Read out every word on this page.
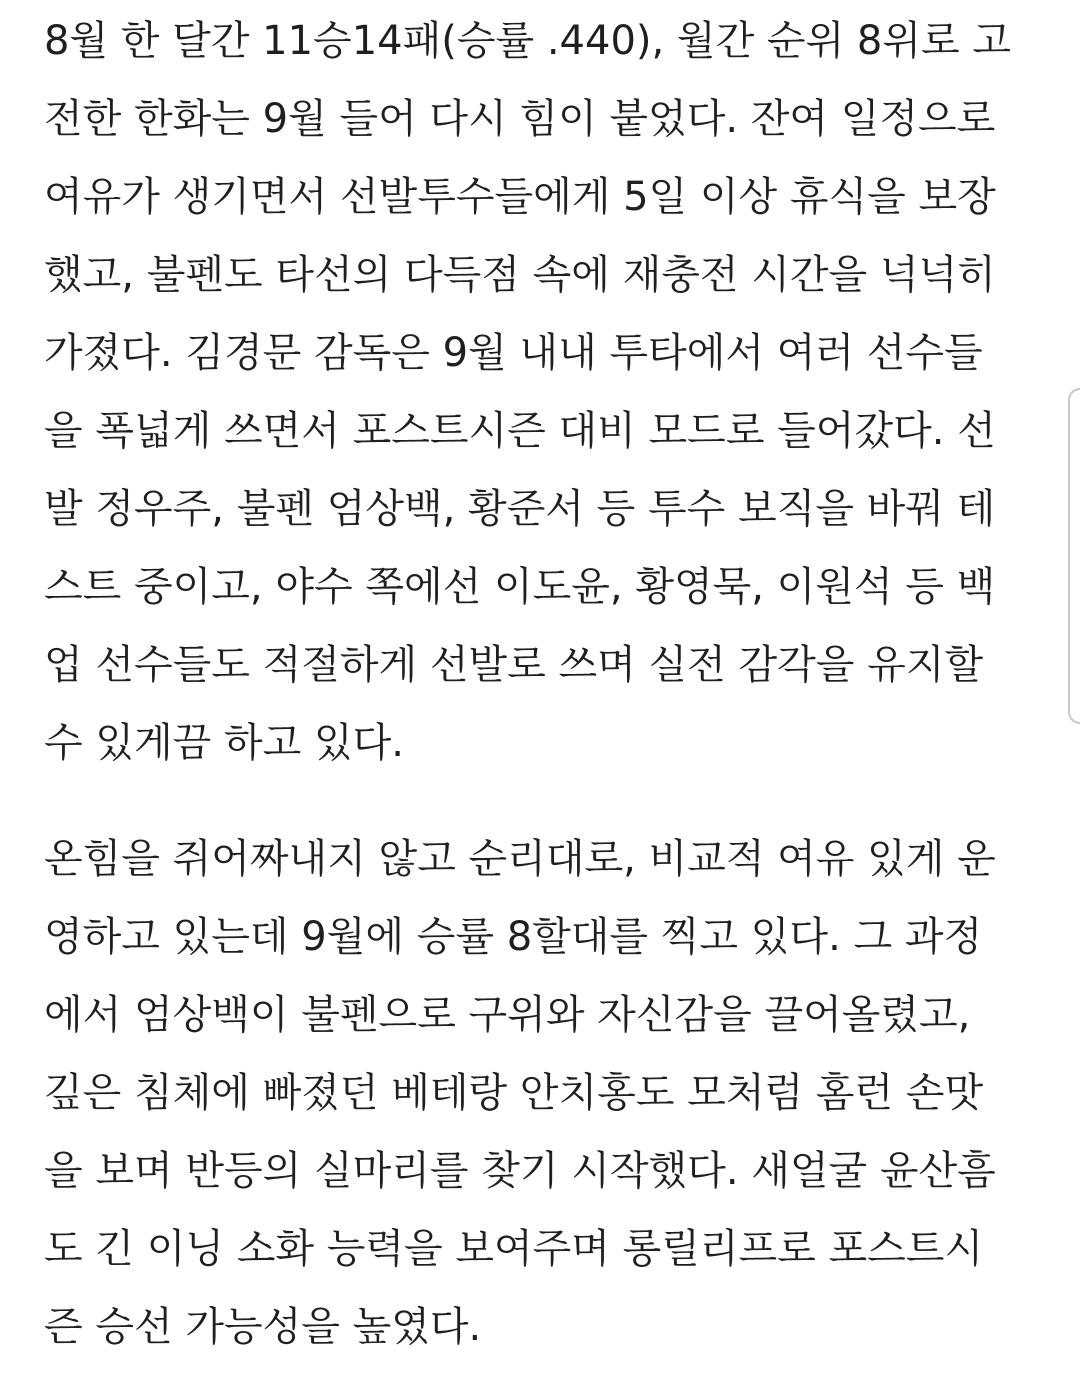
8월 한 달간 11승14패(승률 .440), 월간 순위 8위로 고
전한 한화는 9월 들어 다시 힘이 붙었다. 잔여 일정으로
여유가 생기면서 선발투수들에게 5일 이상 휴식을 보장
했고, 불펜도 타선의 다득점 속에 재충전 시간을 넉넉히
가졌다. 김경문 감독은 9월 내내 투타에서 여러 선수들
을 폭넓게 쓰면서 포스트시즌 대비 모드로 들어갔다. 선
발 정우주, 불펜 엄상백, 황준서 등 투수 보직을 바꿔 테
스트 중이고, 야수 쪽에선 이도윤, 황영묵, 이원석 등 백
업 선수들도 적절하게 선발로 쓰며 실전 감각을 유지할
수 있게끔 하고 있다.
온힘을 쥐어짜내지 않고 순리대로, 비교적 여유 있게 운
영하고 있는데 9월에 승률 8할대를 찍고 있다. 그 과정
에서 엄상백이 불펜으로 구위와 자신감을 끌어올렸고,
깊은 침체에 빠졌던 베테랑 안치홍도 모처럼 홈런 손맛
을 보며 반등의 실마리를 찾기 시작했다. 새얼굴 윤산흠
도 긴 이닝 소화 능력을 보여주며 롱릴리프로 포스트시
즌 승선 가능성을 높였다.
